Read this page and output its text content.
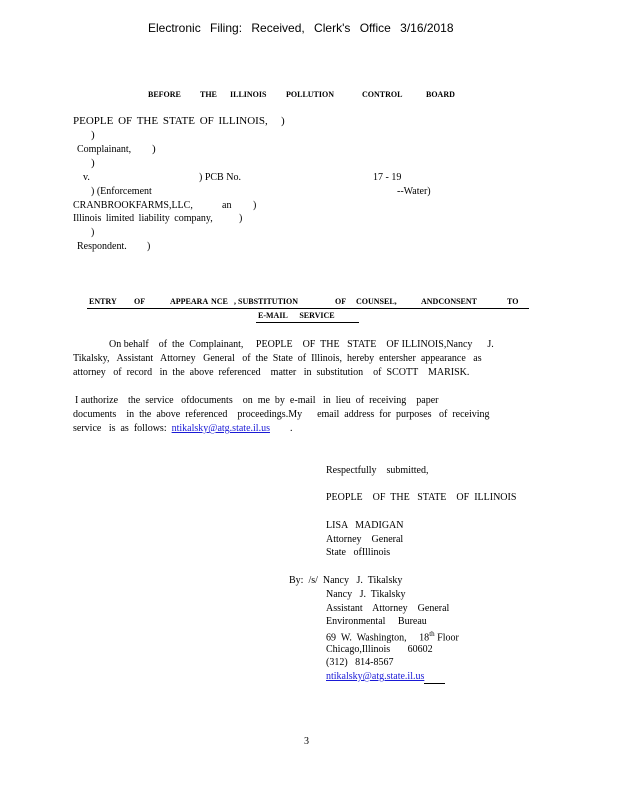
Electronic Filing: Received, Clerk's Office 3/16/2018
BEFORE THE ILLINOIS POLLUTION	CONTROL	BOARD
PEOPLE OF THE STATE OF ILLINOIS, )
)
Complainant, )
)
v.	) PCB No.	17 - 19
) (Enforcement	--Water)
CRANBROOKFARMS,LLC,	an )
Illinois limited liability company,	)
)
Respondent. )
ENTRY OF	APPEARA NCE , SUBSTITUTION	OF COUNSEL,	ANDCONSENT	TO
E-MAIL      SERVICE
On behalf    of  the  Complainant,     PEOPLE    OF  THE   STATE    OF ILLINOIS,Nancy      J.
Tikalsky,   Assistant   Attorney   General   of  the  State  of  Illinois,  hereby  entersher  appearance   as
attorney   of  record   in  the  above  referenced    matter   in  substitution    of  SCOTT    MARISK.
I authorize    the  service   ofdocuments    on  me  by  e-mail   in  lieu  of  receiving    paper
documents    in  the  above  referenced    proceedings.My      email  address  for  purposes   of  receiving
service   is  as  follows: ntikalsky@atg.state.il.us .
Respectfully    submitted,
PEOPLE    OF  THE   STATE    OF  ILLINOIS
LISA   MADIGAN
Attorney    General
State   ofIllinois
By:  /s/  Nancy   J.  Tikalsky
Nancy   J.  Tikalsky
Assistant    Attorney    General
Environmental     Bureau
69  W.  Washington,     18th Floor
Chicago,Illinois       60602
(312)   814-8567
ntikalsky@atg.state.il.us
3
